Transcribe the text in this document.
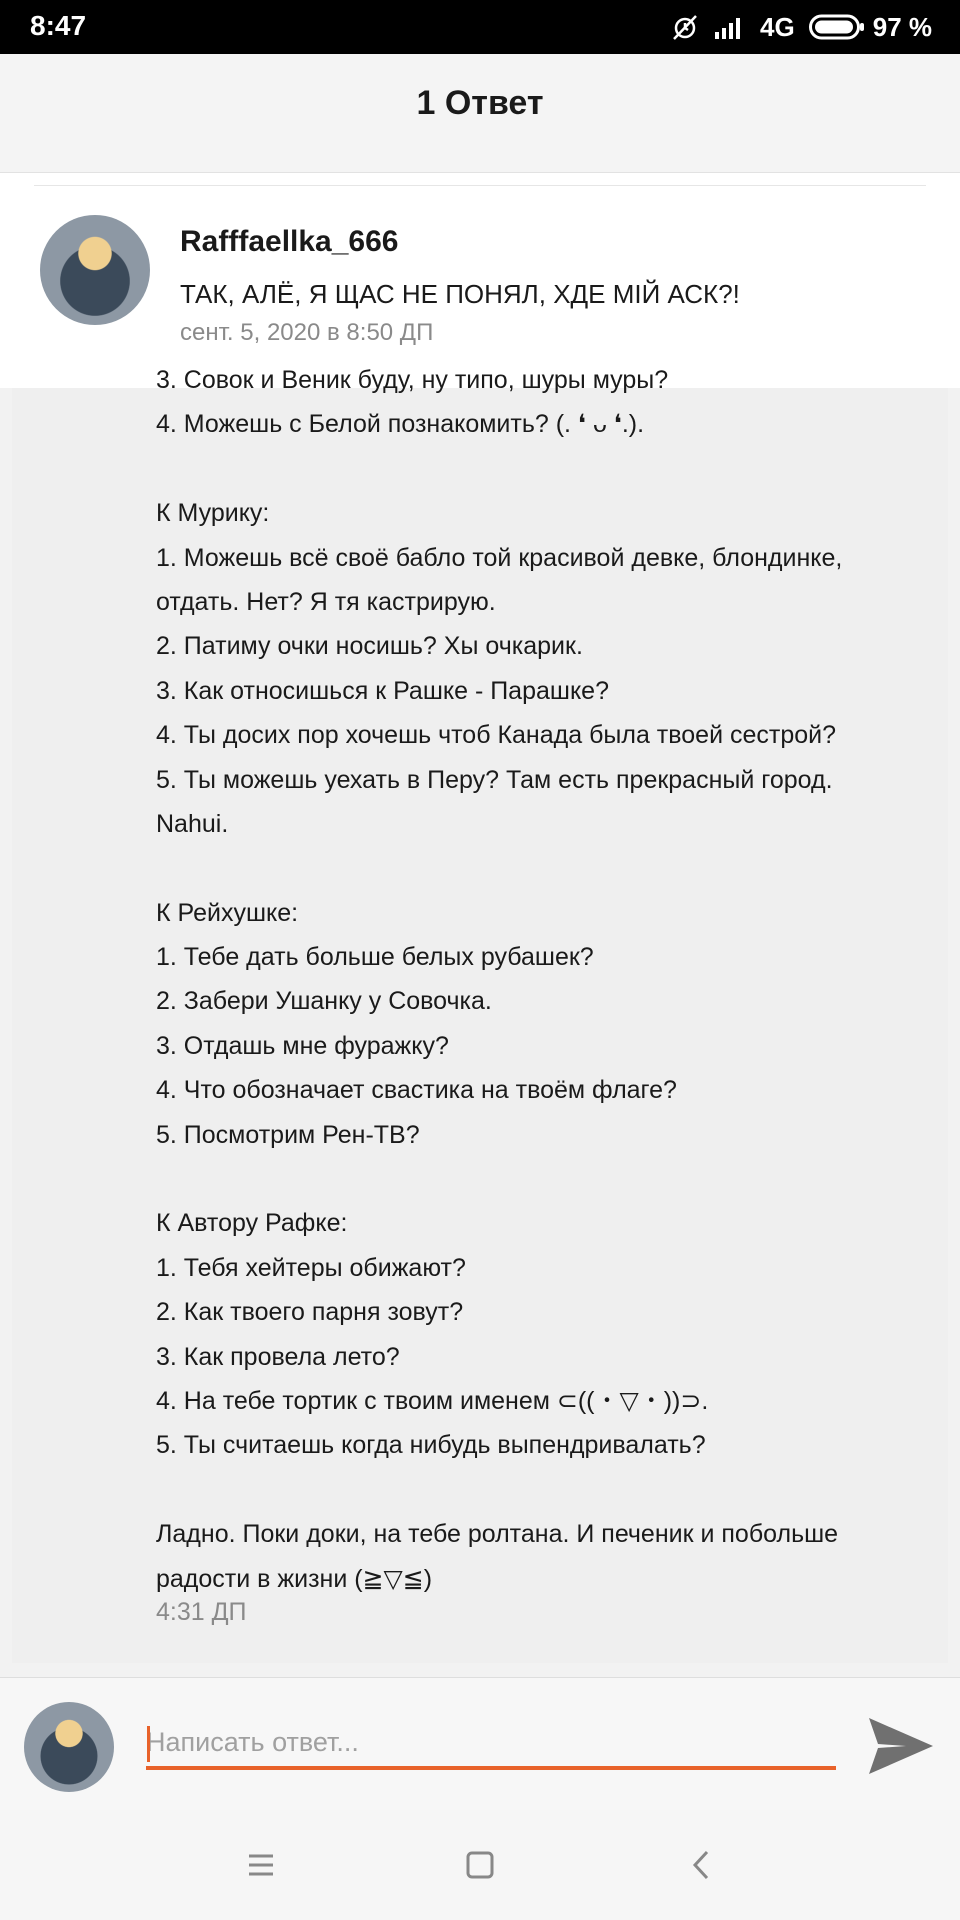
8:47	4G	97 %
1 Ответ
Rafffaellka_666
ТАК, АЛЁ, Я ЩАС НЕ ПОНЯЛ, ХДЕ МІЙ АСК?!
сент. 5, 2020 в 8:50 ДП
3. Совок и Веник буду, ну типо, шуры муры?
4. Можешь с Белой познакомить? (. ❛ ᴗ ❛.).
К Мурику:
1. Можешь всё своё бабло той красивой девке, блондинке,
отдать. Нет? Я тя кастрирую.
2. Патиму очки носишь? Хы очкарик.
3. Как относишься к Рашке - Парашке?
4. Ты досих пор хочешь чтоб Канада была твоей сестрой?
5. Ты можешь уехать в Перу? Там есть прекрасный город.
Nahui.
К Рейхушке:
1. Тебе дать больше белых рубашек?
2. Забери Ушанку у Совочка.
3. Отдашь мне фуражку?
4. Что обозначает свастика на твоём флаге?
5. Посмотрим Рен-ТВ?
К Автору Рафке:
1. Тебя хейтеры обижают?
2. Как твоего парня зовут?
3. Как провела лето?
4. На тебе тортик с твоим именем ⊂((・▽・))⊃.
5. Ты считаешь когда нибудь выпендривалать?
Ладно. Поки доки, на тебе ролтана. И печеник и побольше
радости в жизни (≧▽≦)
4:31 ДП
Написать ответ...
